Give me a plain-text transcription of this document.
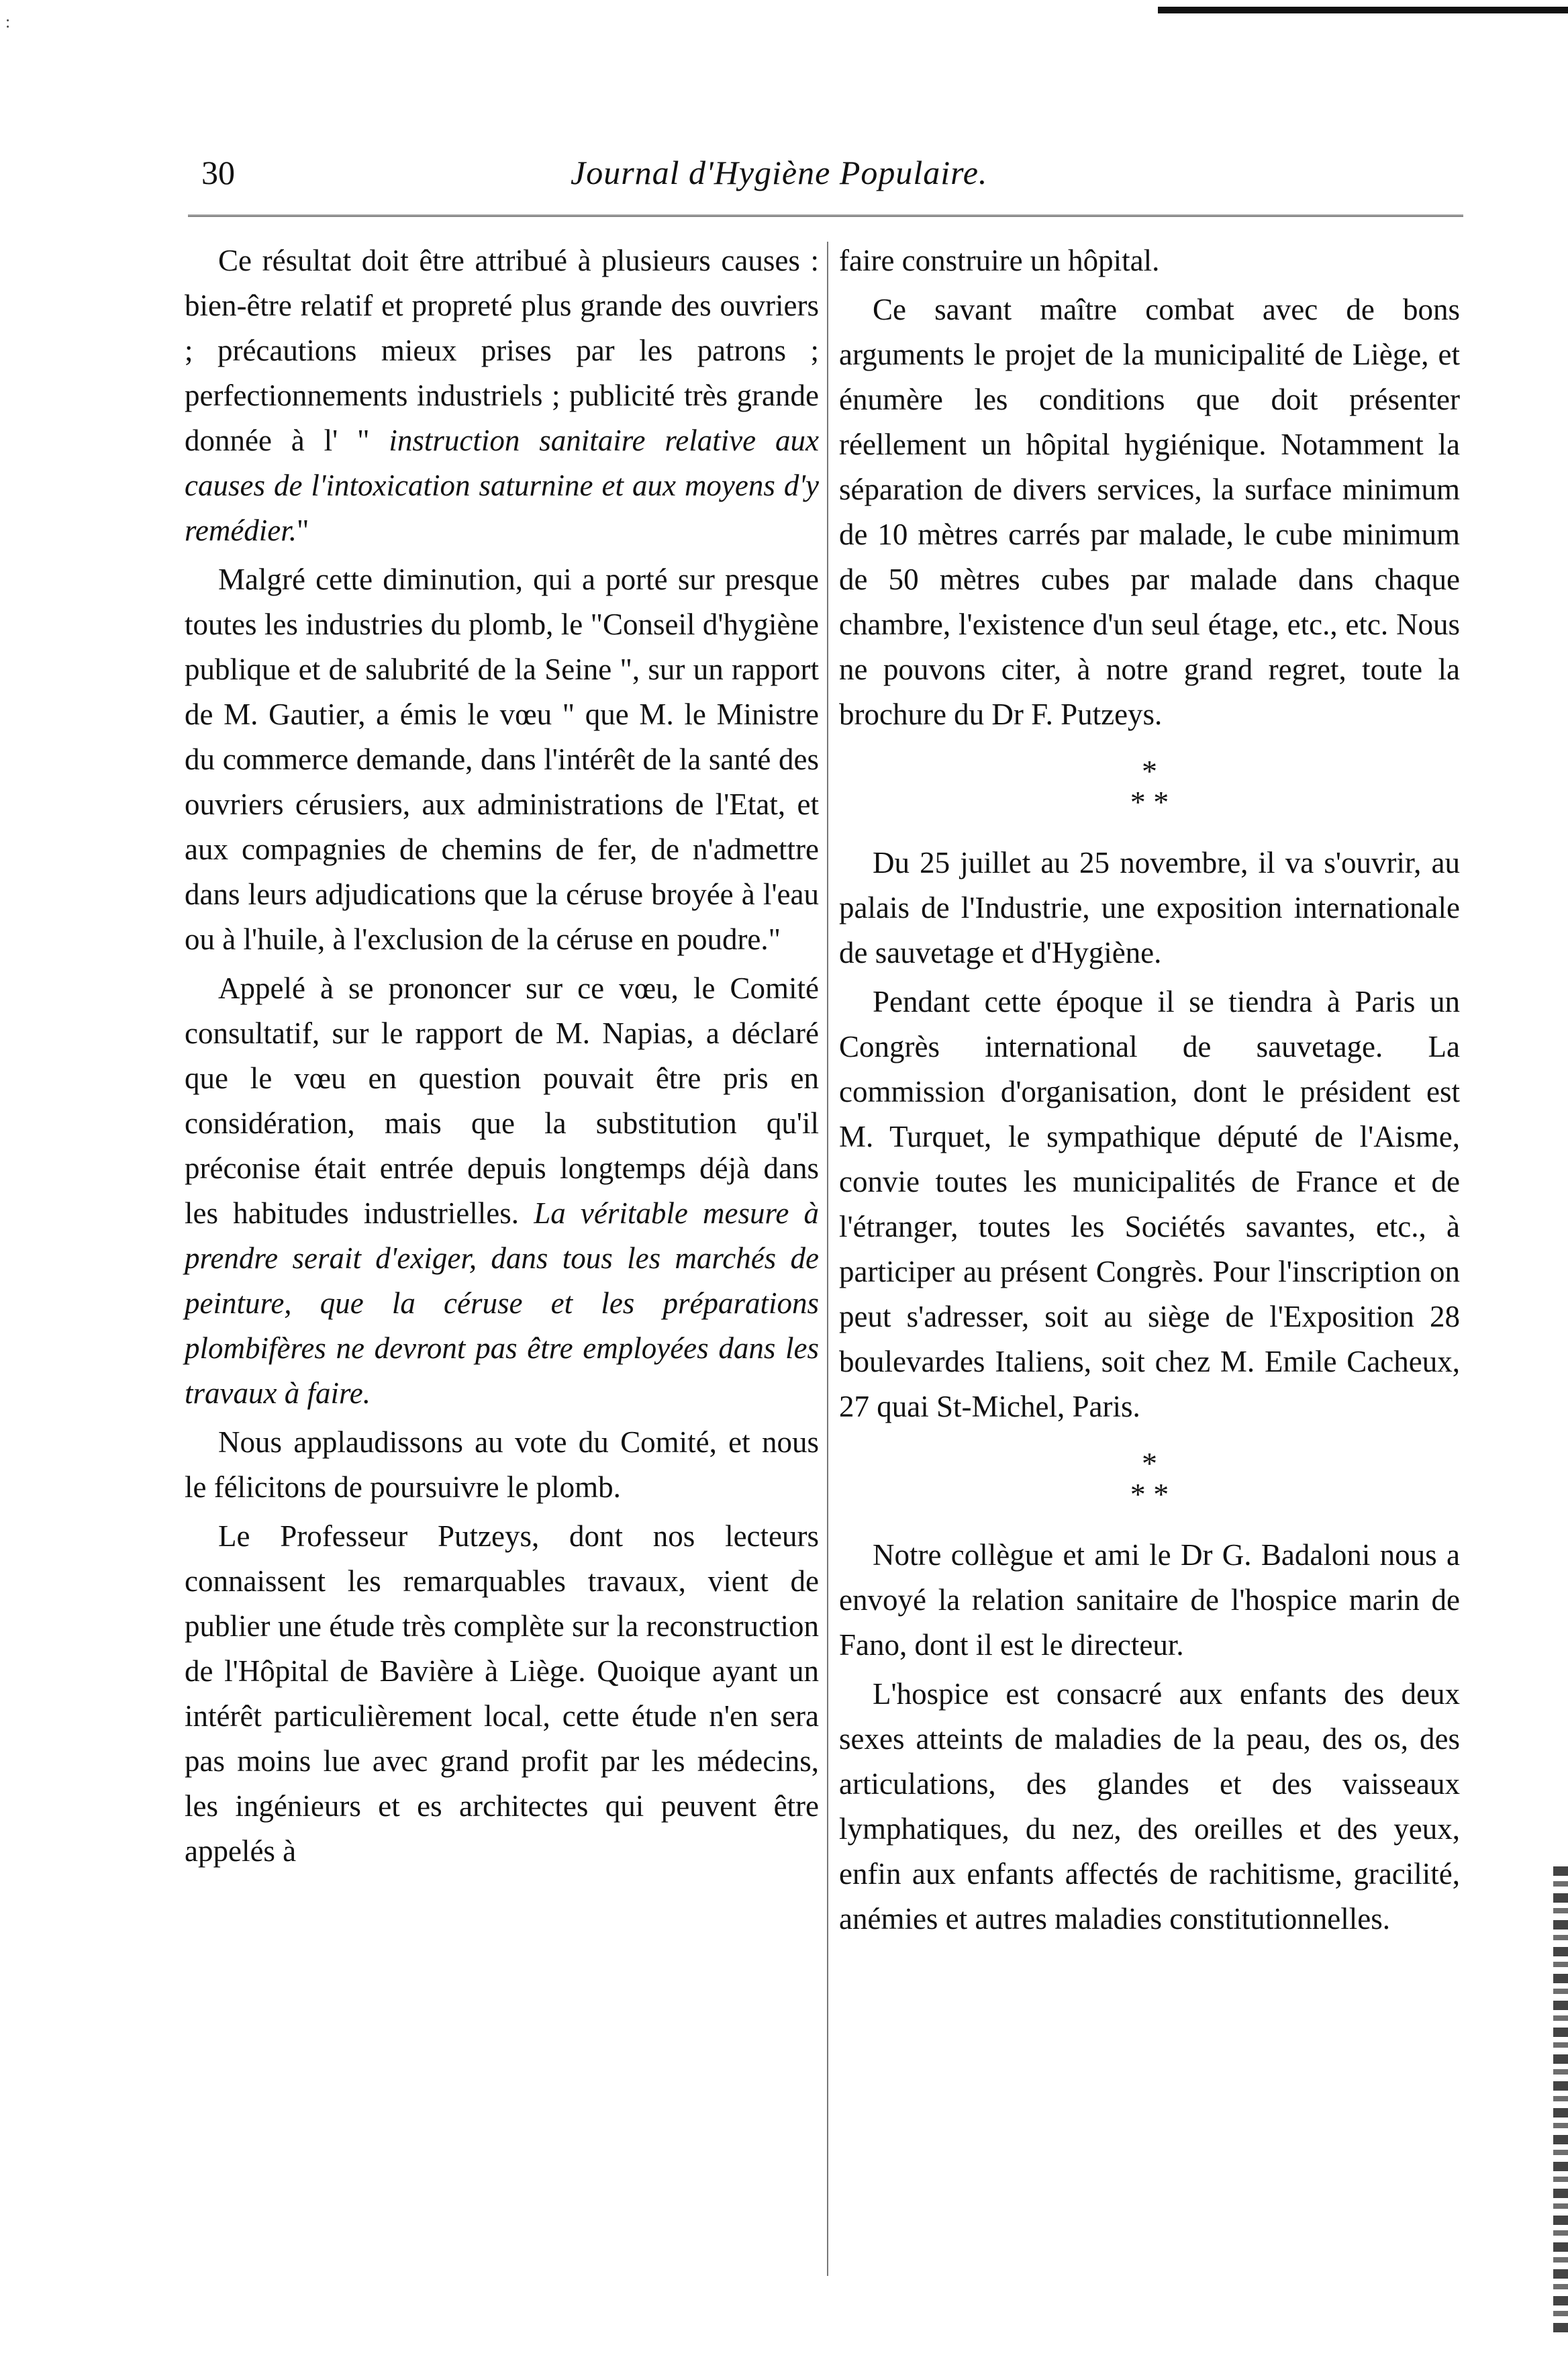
:
30	Journal d'Hygiène Populaire.

Ce résultat doit être attribué à plusieurs causes : bien-être relatif et propreté plus grande des ouvriers ; précautions mieux prises par les patrons ; perfectionnements industriels ; publicité très grande donnée à l' " instruction sanitaire relative aux causes de l'intoxication saturnine et aux moyens d'y remédier."

Malgré cette diminution, qui a porté sur presque toutes les industries du plomb, le "Conseil d'hygiène publique et de salubrité de la Seine ", sur un rapport de M. Gautier, a émis le vœu " que M. le Ministre du commerce demande, dans l'intérêt de la santé des ouvriers cérusiers, aux administrations de l'Etat, et aux compagnies de chemins de fer, de n'admettre dans leurs adjudications que la céruse broyée à l'eau ou à l'huile, à l'exclusion de la céruse en poudre."

Appelé à se prononcer sur ce vœu, le Comité consultatif, sur le rapport de M. Napias, a déclaré que le vœu en question pouvait être pris en considération, mais que la substitution qu'il préconise était entrée depuis longtemps déjà dans les habitudes industrielles. La véritable mesure à prendre serait d'exiger, dans tous les marchés de peinture, que la céruse et les préparations plombifères ne devront pas être employées dans les travaux à faire.

Nous applaudissons au vote du Comité, et nous le félicitons de poursuivre le plomb.

Le Professeur Putzeys, dont nos lecteurs connaissent les remarquables travaux, vient de publier une étude très complète sur la reconstruction de l'Hôpital de Bavière à Liège. Quoique ayant un intérêt particulièrement local, cette étude n'en sera pas moins lue avec grand profit par les médecins, les ingénieurs et es architectes qui peuvent être appelés à

faire construire un hôpital.

Ce savant maître combat avec de bons arguments le projet de la municipalité de Liège, et énumère les conditions que doit présenter réellement un hôpital hygiénique. Notamment la séparation de divers services, la surface minimum de 10 mètres carrés par malade, le cube minimum de 50 mètres cubes par malade dans chaque chambre, l'existence d'un seul étage, etc., etc. Nous ne pouvons citer, à notre grand regret, toute la brochure du Dr F. Putzeys.

*
* *

Du 25 juillet au 25 novembre, il va s'ouvrir, au palais de l'Industrie, une exposition internationale de sauvetage et d'Hygiène.

Pendant cette époque il se tiendra à Paris un Congrès international de sauvetage. La commission d'organisation, dont le président est M. Turquet, le sympathique député de l'Aisme, convie toutes les municipalités de France et de l'étranger, toutes les Sociétés savantes, etc., à participer au présent Congrès. Pour l'inscription on peut s'adresser, soit au siège de l'Exposition 28 boulevardes Italiens, soit chez M. Emile Cacheux, 27 quai St-Michel, Paris.

*
* *

Notre collègue et ami le Dr G. Badaloni nous a envoyé la relation sanitaire de l'hospice marin de Fano, dont il est le directeur.

L'hospice est consacré aux enfants des deux sexes atteints de maladies de la peau, des os, des articulations, des glandes et des vaisseaux lymphatiques, du nez, des oreilles et des yeux, enfin aux enfants affectés de rachitisme, gracilité, anémies et autres maladies constitutionnelles.
